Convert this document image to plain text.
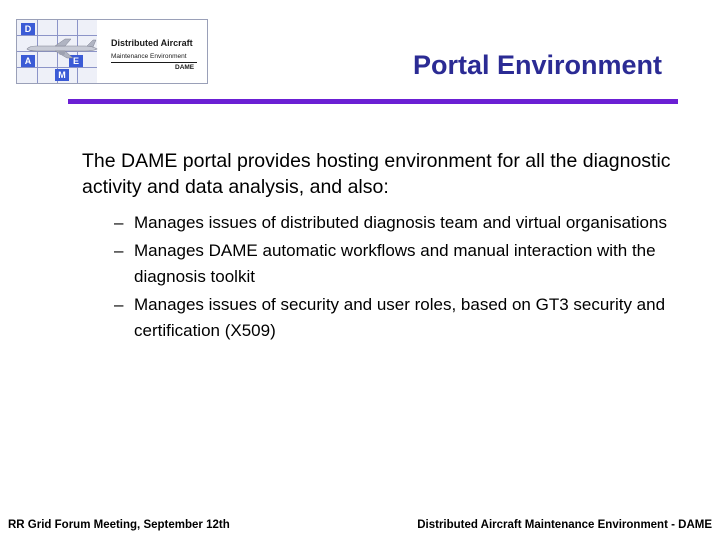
D
A	E
M
Distributed Aircraft
Maintenance Environment
DAME	Portal Environment
The DAME portal provides hosting environment for all the diagnostic activity and data analysis, and also:
– Manages issues of distributed diagnosis team and virtual organisations
– Manages DAME automatic workflows and manual interaction with the diagnosis toolkit
– Manages issues of security and user roles, based on GT3 security and certification (X509)
RR Grid Forum Meeting, September 12th	Distributed Aircraft Maintenance Environment - DAME
